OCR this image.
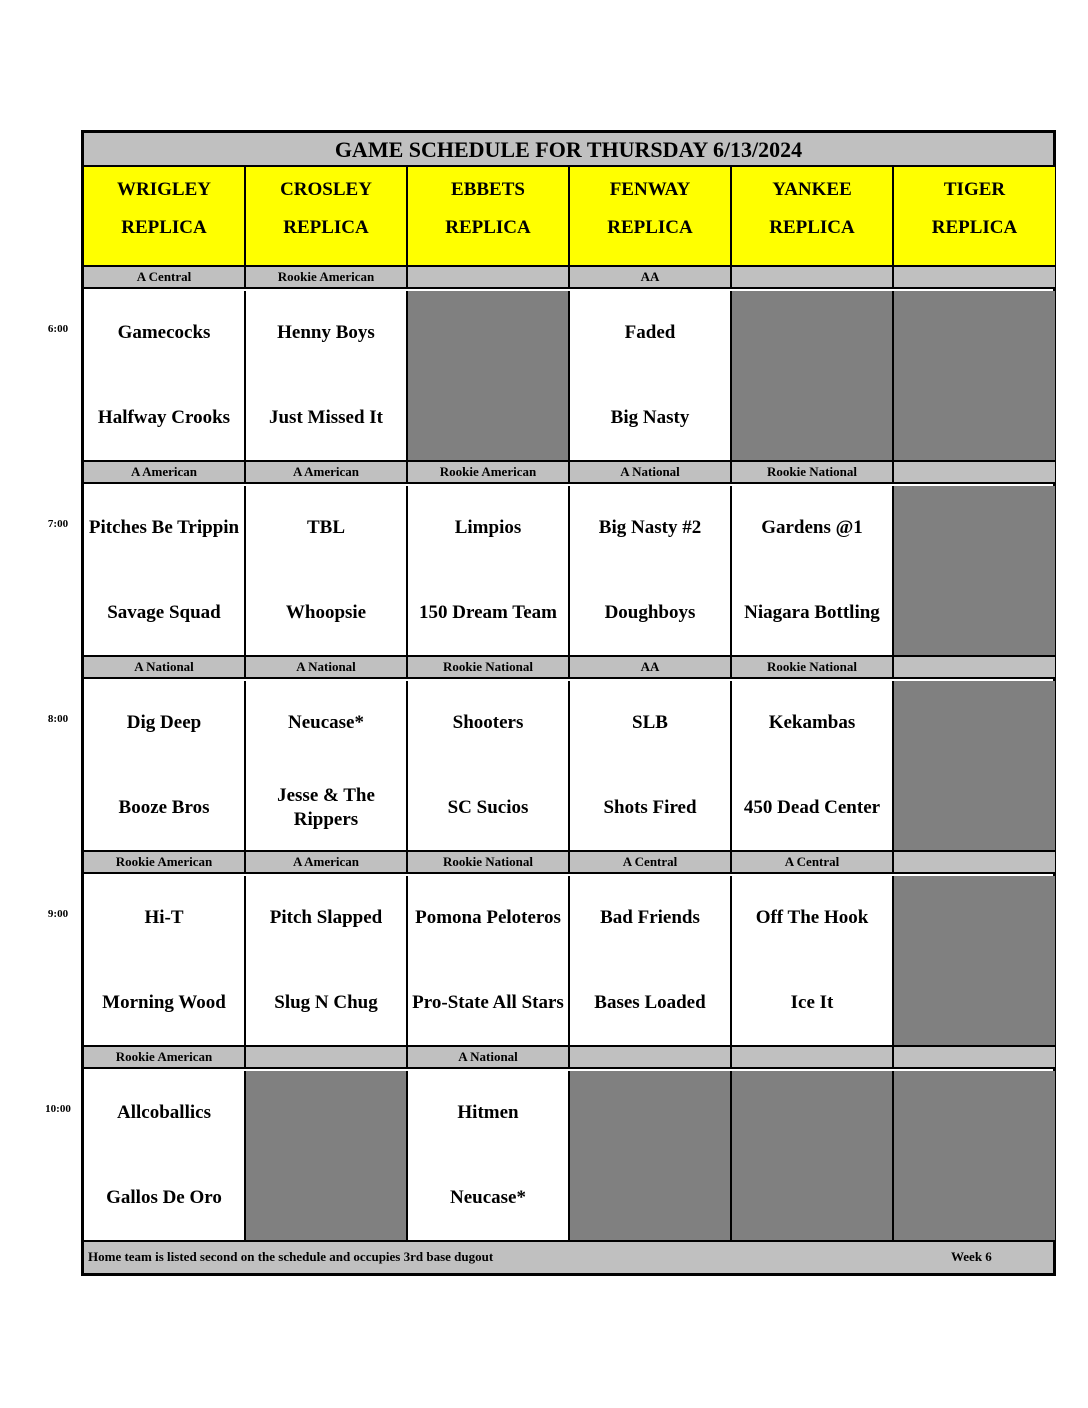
GAME SCHEDULE FOR THURSDAY 6/13/2024
Home team is listed second on the schedule and occupies 3rd base dugout	Week 6
WRIGLEY
REPLICA
CROSLEY
REPLICA
EBBETS
REPLICA
FENWAY
REPLICA
YANKEE
REPLICA
TIGER
REPLICA
A Central
Gamecocks
Halfway Crooks
Rookie American
Henny Boys
Just Missed It
AA
Faded
Big Nasty
A American
Pitches Be Trippin
Savage Squad
A American
TBL
Whoopsie
Rookie American
Limpios
150 Dream Team
A National
Big Nasty #2
Doughboys
Rookie National
Gardens @1
Niagara Bottling
A National
Dig Deep
Booze Bros
A National
Neucase*
Jesse & The Rippers
Rookie National
Shooters
SC Sucios
AA
SLB
Shots Fired
Rookie National
Kekambas
450 Dead Center
Rookie American
Hi-T
Morning Wood
A American
Pitch Slapped
Slug N Chug
Rookie National
Pomona Peloteros
Pro-State All Stars
A Central
Bad Friends
Bases Loaded
A Central
Off The Hook
Ice It
Rookie American
Allcoballics
Gallos De Oro
A National
Hitmen
Neucase*
6:00
7:00
8:00
9:00
10:00
